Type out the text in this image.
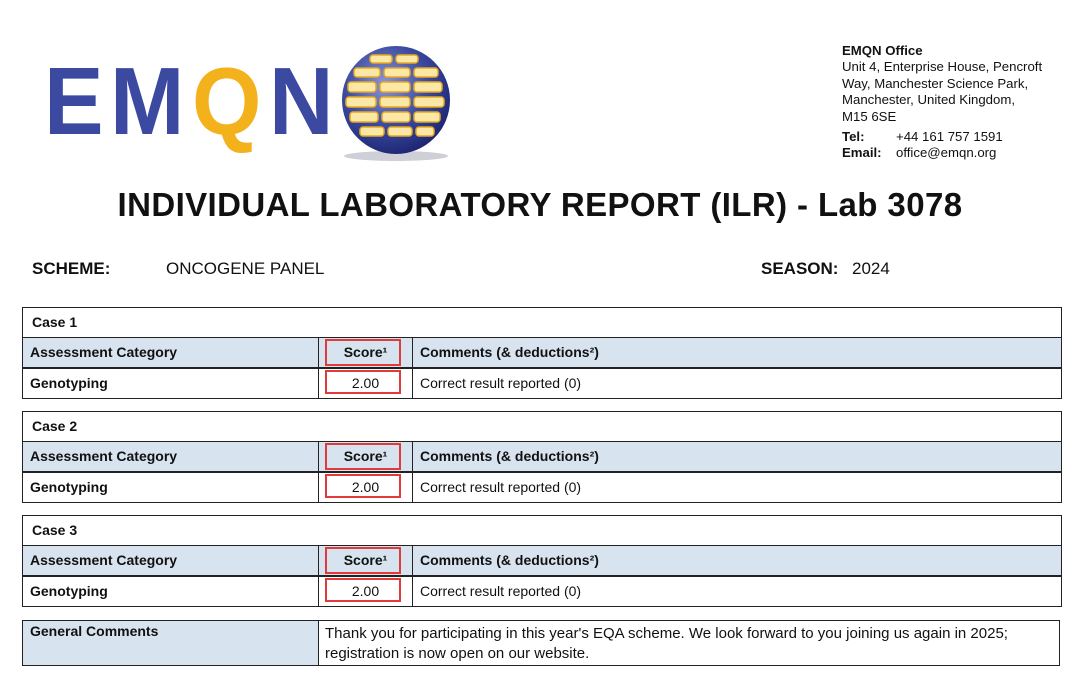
E M Q N	EMQN Office
Unit 4, Enterprise House, Pencroft
Way, Manchester Science Park,
Manchester, United Kingdom,
M15 6SE
Tel:	+44 161 757 1591
Email:	office@emqn.org
INDIVIDUAL LABORATORY REPORT (ILR) - Lab 3078
SCHEME:	ONCOGENE PANEL	SEASON: 2024
Case 1
Assessment Category	Score¹	Comments (& deductions²)
Genotyping	2.00	Correct result reported (0)
Case 2
Assessment Category	Score¹	Comments (& deductions²)
Genotyping	2.00	Correct result reported (0)
Case 3
Assessment Category	Score¹	Comments (& deductions²)
Genotyping	2.00	Correct result reported (0)
General Comments	Thank you for participating in this year's EQA scheme. We look forward to you joining us again in 2025; registration is now open on our website.
